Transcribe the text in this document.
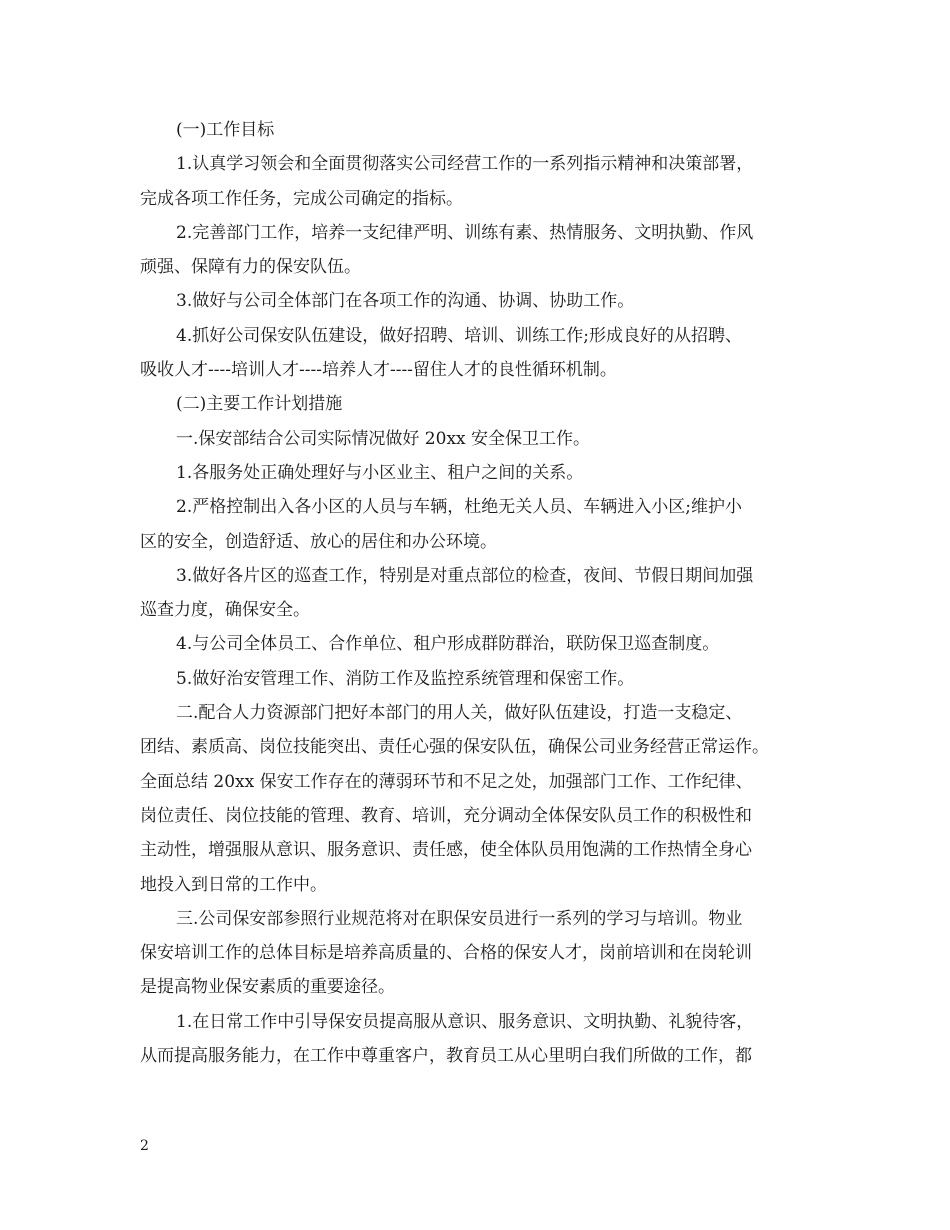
(一)工作目标
1.认真学习领会和全面贯彻落实公司经营工作的一系列指示精神和决策部署，
完成各项工作任务，完成公司确定的指标。
2.完善部门工作，培养一支纪律严明、训练有素、热情服务、文明执勤、作风
顽强、保障有力的保安队伍。
3.做好与公司全体部门在各项工作的沟通、协调、协助工作。
4.抓好公司保安队伍建设，做好招聘、培训、训练工作;形成良好的从招聘、
吸收人才----培训人才----培养人才----留住人才的良性循环机制。
(二)主要工作计划措施
一.保安部结合公司实际情况做好 20xx 安全保卫工作。
1.各服务处正确处理好与小区业主、租户之间的关系。
2.严格控制出入各小区的人员与车辆，杜绝无关人员、车辆进入小区;维护小
区的安全，创造舒适、放心的居住和办公环境。
3.做好各片区的巡查工作，特别是对重点部位的检查，夜间、节假日期间加强
巡查力度，确保安全。
4.与公司全体员工、合作单位、租户形成群防群治，联防保卫巡查制度。
5.做好治安管理工作、消防工作及监控系统管理和保密工作。
二.配合人力资源部门把好本部门的用人关，做好队伍建设，打造一支稳定、
团结、素质高、岗位技能突出、责任心强的保安队伍，确保公司业务经营正常运作。
全面总结 20xx 保安工作存在的薄弱环节和不足之处，加强部门工作、工作纪律、
岗位责任、岗位技能的管理、教育、培训，充分调动全体保安队员工作的积极性和
主动性，增强服从意识、服务意识、责任感，使全体队员用饱满的工作热情全身心
地投入到日常的工作中。
三.公司保安部参照行业规范将对在职保安员进行一系列的学习与培训。物业
保安培训工作的总体目标是培养高质量的、合格的保安人才，岗前培训和在岗轮训
是提高物业保安素质的重要途径。
1.在日常工作中引导保安员提高服从意识、服务意识、文明执勤、礼貌待客，
从而提高服务能力，在工作中尊重客户，教育员工从心里明白我们所做的工作，都
2
